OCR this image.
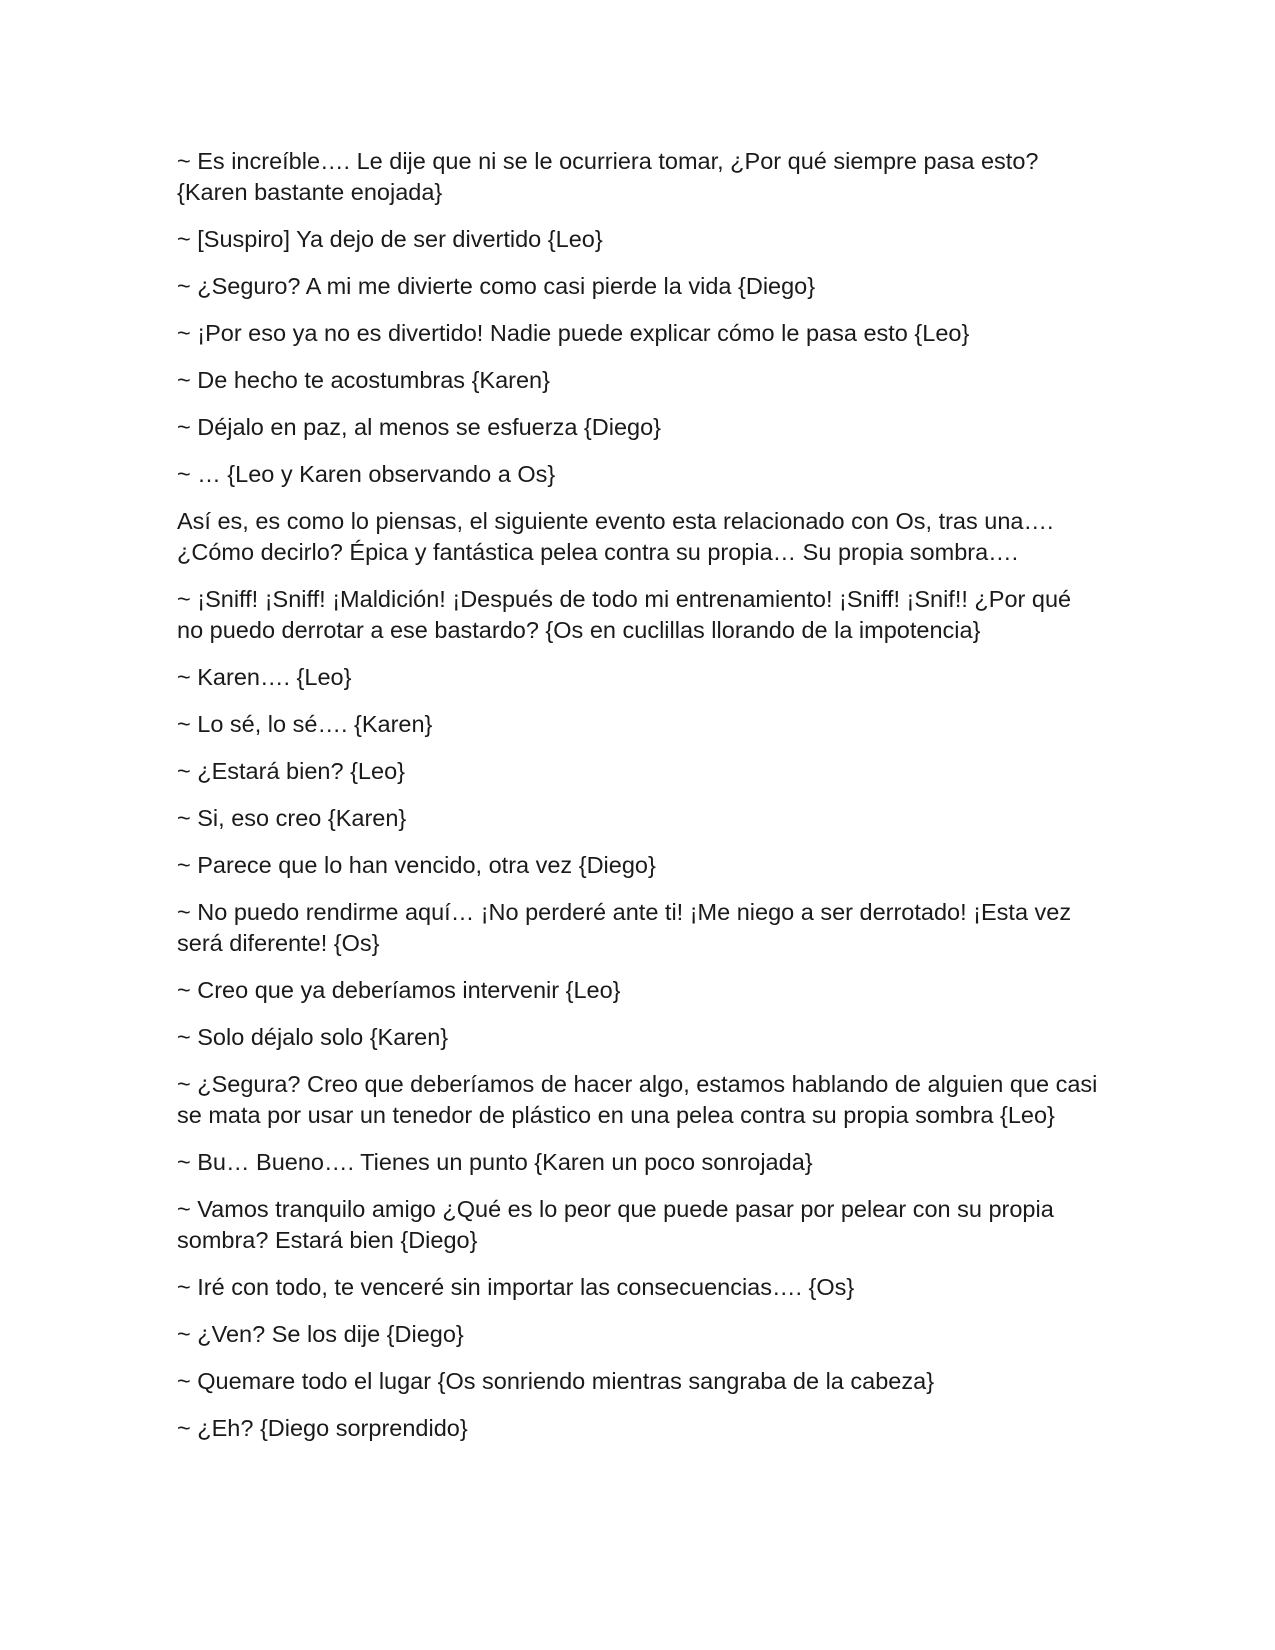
~ Es increíble…. Le dije que ni se le ocurriera tomar, ¿Por qué siempre pasa esto? {Karen bastante enojada}

~ [Suspiro] Ya dejo de ser divertido {Leo}

~ ¿Seguro? A mi me divierte como casi pierde la vida {Diego}

~ ¡Por eso ya no es divertido! Nadie puede explicar cómo le pasa esto {Leo}

~ De hecho te acostumbras {Karen}

~ Déjalo en paz, al menos se esfuerza {Diego}

~ … {Leo y Karen observando a Os}

Así es, es como lo piensas, el siguiente evento esta relacionado con Os, tras una…. ¿Cómo decirlo? Épica y fantástica pelea contra su propia… Su propia sombra….

~ ¡Sniff! ¡Sniff! ¡Maldición! ¡Después de todo mi entrenamiento! ¡Sniff! ¡Snif!! ¿Por qué no puedo derrotar a ese bastardo? {Os en cuclillas llorando de la impotencia}

~ Karen…. {Leo}

~ Lo sé, lo sé…. {Karen}

~ ¿Estará bien? {Leo}

~ Si, eso creo {Karen}

~ Parece que lo han vencido, otra vez {Diego}

~ No puedo rendirme aquí… ¡No perderé ante ti! ¡Me niego a ser derrotado! ¡Esta vez será diferente! {Os}

~ Creo que ya deberíamos intervenir {Leo}

~ Solo déjalo solo {Karen}

~ ¿Segura? Creo que deberíamos de hacer algo, estamos hablando de alguien que casi se mata por usar un tenedor de plástico en una pelea contra su propia sombra {Leo}

~ Bu… Bueno…. Tienes un punto {Karen un poco sonrojada}

~ Vamos tranquilo amigo ¿Qué es lo peor que puede pasar por pelear con su propia sombra? Estará bien {Diego}

~ Iré con todo, te venceré sin importar las consecuencias…. {Os}

~ ¿Ven? Se los dije {Diego}

~ Quemare todo el lugar {Os sonriendo mientras sangraba de la cabeza}

~ ¿Eh? {Diego sorprendido}
